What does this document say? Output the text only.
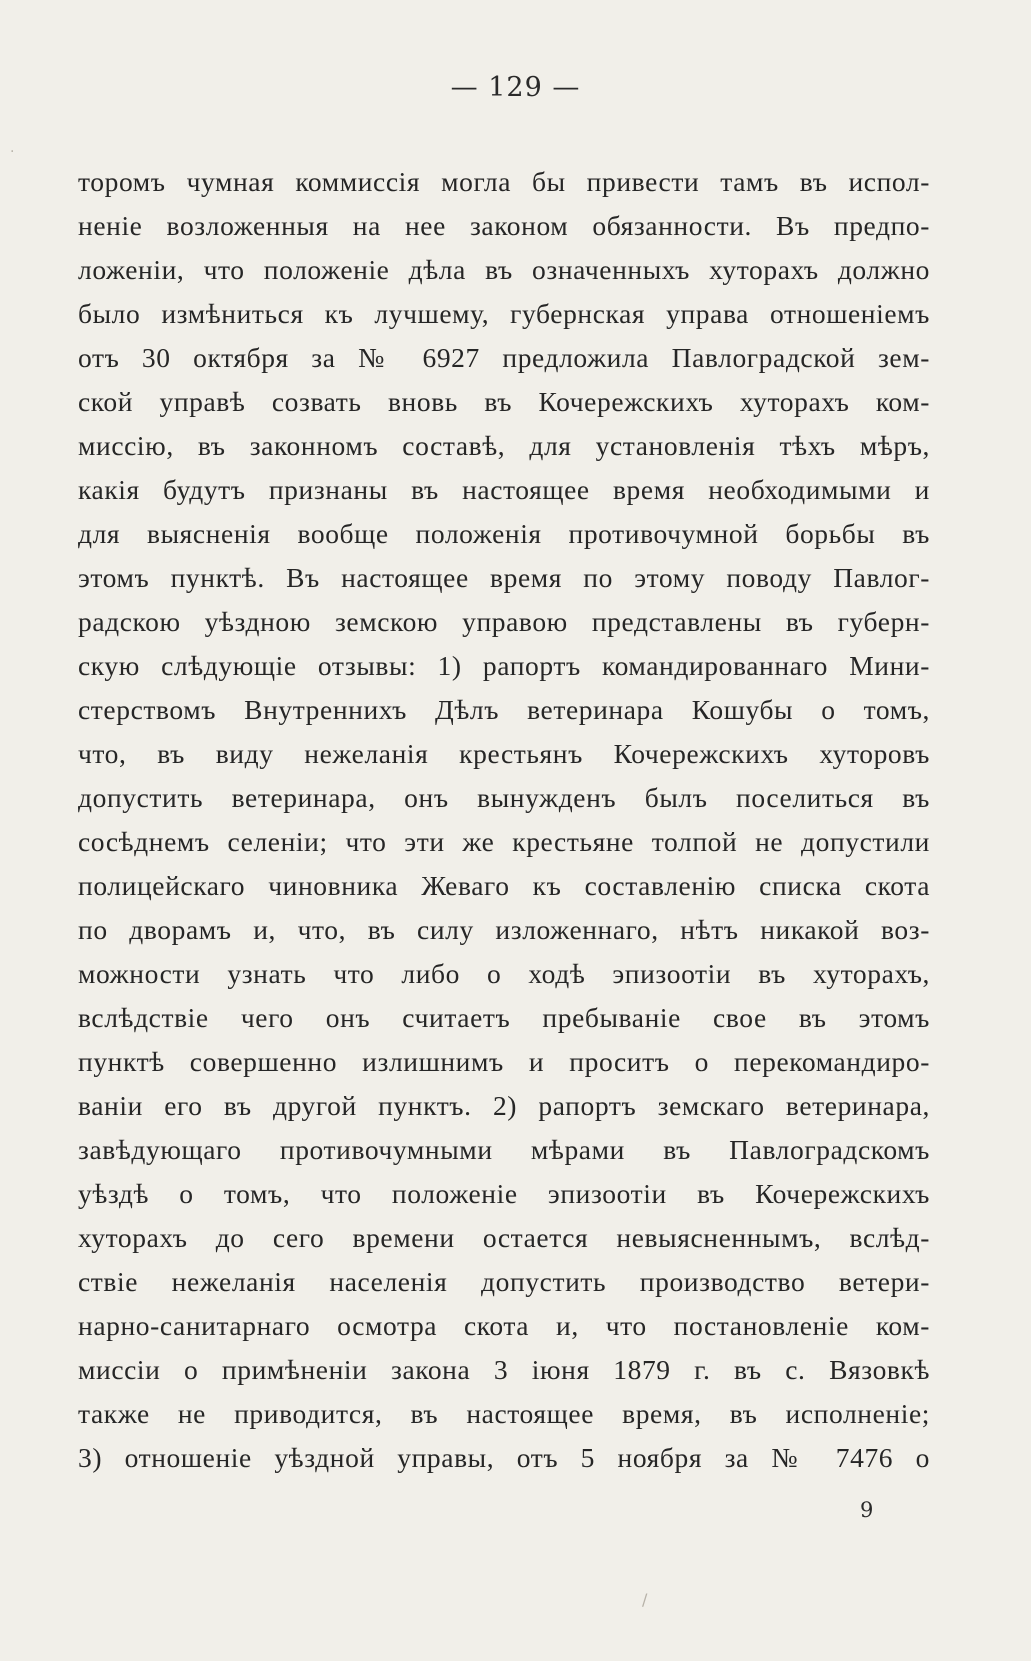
— 129 —
торомъ чумная коммиссія могла бы привести тамъ въ испол-
неніе возложенныя на нее законом обязанности. Въ предпо-
ложеніи, что положеніе дѣла въ означенныхъ хуторахъ должно
было измѣниться къ лучшему, губернская управа отношеніемъ
отъ 30 октября за № 6927 предложила Павлоградской зем-
ской управѣ созвать вновь въ Кочережскихъ хуторахъ ком-
миссію, въ законномъ составѣ, для установленія тѣхъ мѣръ,
какія будутъ признаны въ настоящее время необходимыми и
для выясненія вообще положенія противочумной борьбы въ
этомъ пунктѣ. Въ настоящее время по этому поводу Павлог-
радскою уѣздною земскою управою представлены въ губерн-
скую слѣдующіе отзывы: 1) рапортъ командированнаго Мини-
стерствомъ Внутреннихъ Дѣлъ ветеринара Кошубы о томъ,
что, въ виду нежеланія крестьянъ Кочережскихъ хуторовъ
допустить ветеринара, онъ вынужденъ былъ поселиться въ
сосѣднемъ селеніи; что эти же крестьяне толпой не допустили
полицейскаго чиновника Жеваго къ составленію списка скота
по дворамъ и, что, въ силу изложеннаго, нѣтъ никакой воз-
можности узнать что либо о ходѣ эпизоотіи въ хуторахъ,
вслѣдствіе чего онъ считаетъ пребываніе свое въ этомъ
пунктѣ совершенно излишнимъ и проситъ о перекомандиро-
ваніи его въ другой пунктъ. 2) рапортъ земскаго ветеринара,
завѣдующаго противочумными мѣрами въ Павлоградскомъ
уѣздѣ о томъ, что положеніе эпизоотіи въ Кочережскихъ
хуторахъ до сего времени остается невыясненнымъ, вслѣд-
ствіе нежеланія населенія допустить производство ветери-
нарно-санитарнаго осмотра скота и, что постановленіе ком-
миссіи о примѣненіи закона 3 іюня 1879 г. въ с. Вязовкѣ
также не приводится, въ настоящее время, въ исполненіе;
3) отношеніе уѣздной управы, отъ 5 ноября за № 7476 о
9
·
/
